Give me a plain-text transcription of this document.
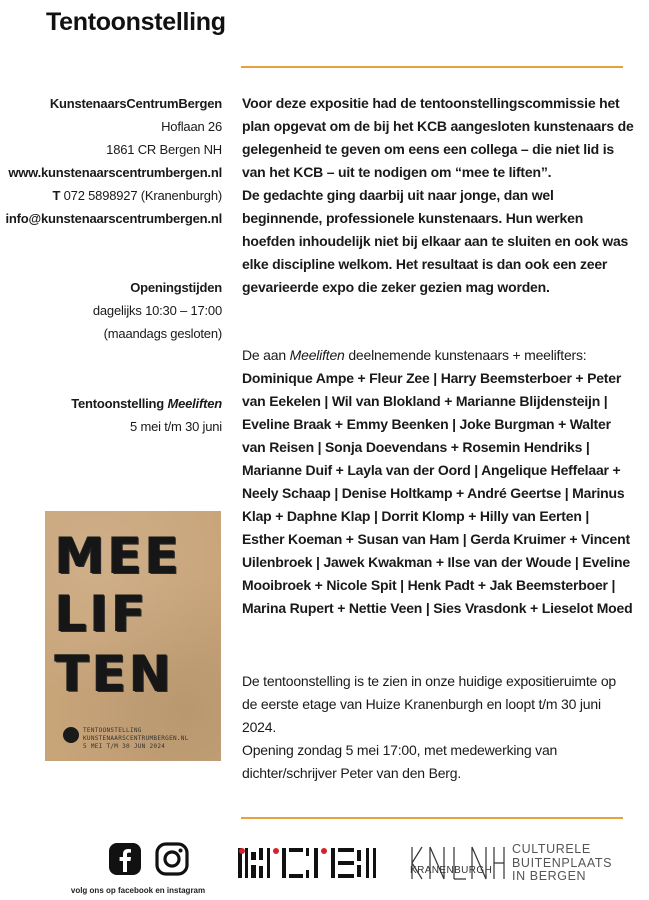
Tentoonstelling
KunstenaarsCentrumBergen
Hoflaan 26
1861 CR Bergen NH
www.kunstenaarscentrumbergen.nl
T 072 5898927 (Kranenburgh)
info@kunstenaarscentrumbergen.nl
Openingstijden
dagelijks 10:30 – 17:00
(maandags gesloten)
Tentoonstelling Meeliften
5 mei t/m 30 juni
MEE
LIF
TEN
TENTOONSTELLING
KUNSTENAARSCENTRUMBERGEN.NL
5 MEI T/M 30 JUN 2024

Voor deze expositie had de tentoonstellingscommissie het plan opgevat om de bij het KCB aangesloten kunstenaars de gelegenheid te geven om eens een collega – die niet lid is van het KCB – uit te nodigen om “mee te liften”.

De gedachte ging daarbij uit naar jonge, dan wel beginnende, professionele kunstenaars. Hun werken hoefden inhoudelijk niet bij elkaar aan te sluiten en ook was elke discipline welkom. Het resultaat is dan ook een zeer gevarieerde expo die zeker gezien mag worden.

De aan Meeliften deelnemende kunstenaars + meelifters:

Dominique Ampe + Fleur Zee | Harry Beemsterboer + Peter van Eekelen | Wil van Blokland + Marianne Blijdensteijn | Eveline Braak + Emmy Beenken | Joke Burgman + Walter van Reisen | Sonja Doevendans + Rosemin Hendriks | Marianne Duif + Layla van der Oord | Angelique Heffelaar + Neely Schaap | Denise Holtkamp + André Geertse | Marinus Klap + Daphne Klap | Dorrit Klomp + Hilly van Eerten | Esther Koeman + Susan van Ham | Gerda Kruimer + Vincent Uilenbroek | Jawek Kwakman + Ilse van der Woude | Eveline Mooibroek + Nicole Spit | Henk Padt + Jak Beemsterboer | Marina Rupert + Nettie Veen | Sies Vrasdonk + Lieselot Moed

De tentoonstelling is te zien in onze huidige expositieruimte op de eerste etage van Huize Kranenburgh en loopt t/m 30 juni 2024.

Opening zondag 5 mei 17:00, met medewerking van dichter/schrijver Peter van den Berg.

volg ons op facebook en instagram
KRANENBURGH
CULTURELE
BUITENPLAATS
IN BERGEN
